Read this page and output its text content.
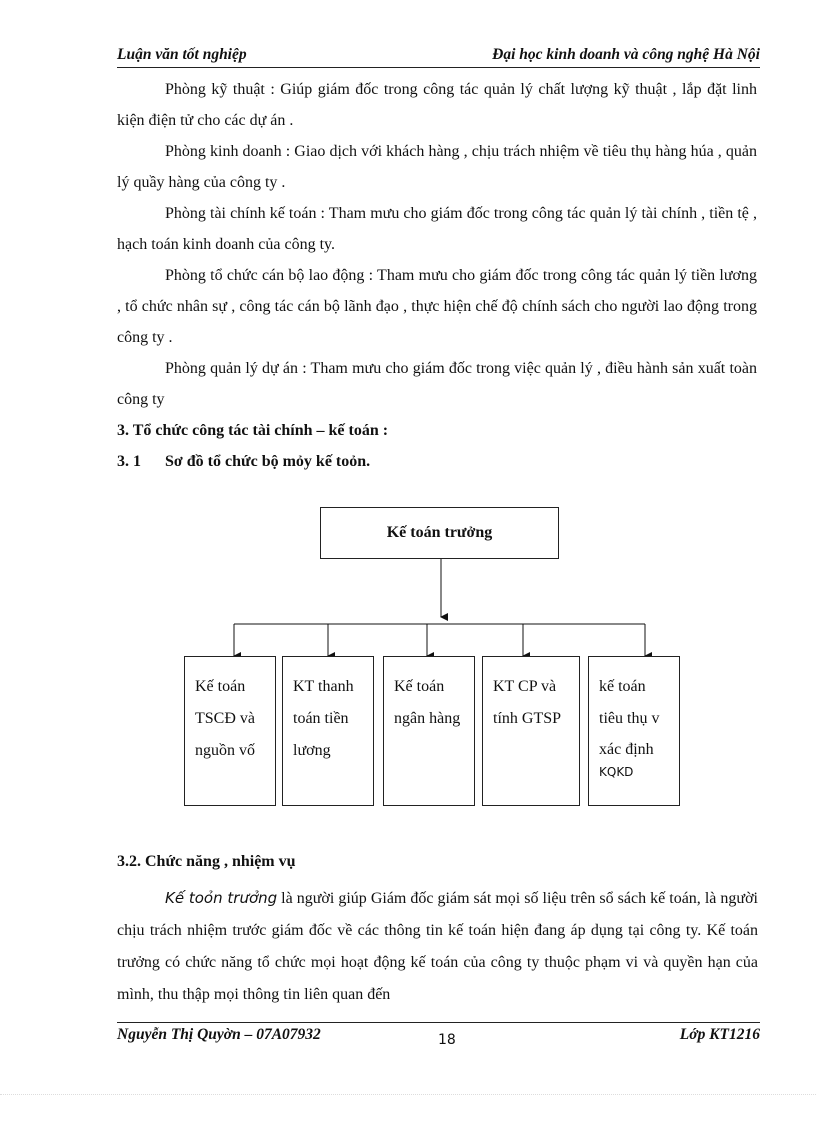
Luận văn tốt nghiệp	Đại học kinh doanh và công nghệ Hà Nội

Phòng kỹ thuật : Giúp giám đốc trong công tác quản lý chất lượng kỹ thuật , lắp đặt linh kiện điện tử cho các dự án .

Phòng kinh doanh : Giao dịch với khách hàng , chịu trách nhiệm về tiêu thụ hàng húa , quản lý quầy hàng của công ty .

Phòng tài chính kế toán : Tham mưu cho giám đốc trong công tác quản lý tài chính , tiền tệ , hạch toán kinh doanh của công ty.

Phòng tổ chức cán bộ lao động : Tham mưu cho giám đốc trong công tác quản lý tiền lương , tổ chức nhân sự , công tác cán bộ lãnh đạo , thực hiện chế độ chính sách cho người lao động trong công ty .

Phòng quản lý dự án : Tham mưu cho giám đốc trong việc quản lý , điều hành sản xuất toàn công ty

3. Tổ chức công tác tài chính – kế toán :

3. 1 Sơ đồ tổ chức bộ mỏy kế toỏn.

Kế toán trưởng
Kế toán
TSCĐ và
nguồn vố
KT thanh
toán tiền
lương
Kế toán
ngân hàng
KT CP và
tính GTSP
kế toán
tiêu thụ v
xác định
KQKD

3.2. Chức năng , nhiệm vụ

Kế toỏn trưởng là người giúp Giám đốc giám sát mọi số liệu trên sổ sách kế toán, là người chịu trách nhiệm trước giám đốc về các thông tin kế toán hiện đang áp dụng tại công ty. Kế toán trưởng có chức năng tổ chức mọi hoạt động kế toán của công ty thuộc phạm vi và quyền hạn của mình, thu thập mọi thông tin liên quan đến

Nguyễn Thị Quyờn – 07A07932	18	Lớp KT1216
